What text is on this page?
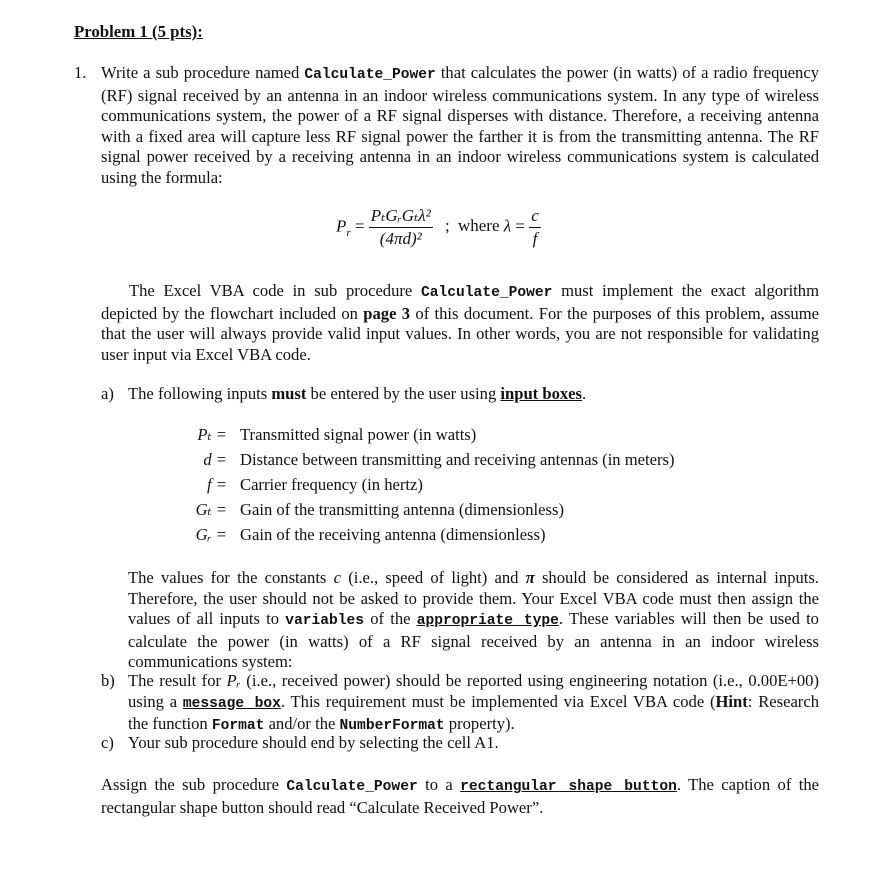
Problem 1 (5 pts):
1. Write a sub procedure named Calculate_Power that calculates the power (in watts) of a radio frequency (RF) signal received by an antenna in an indoor wireless communications system. In any type of wireless communications system, the power of a RF signal disperses with distance. Therefore, a receiving antenna with a fixed area will capture less RF signal power the farther it is from the transmitting antenna. The RF signal power received by a receiving antenna in an indoor wireless communications system is calculated using the formula:
$P_r = \frac{\text{PₜGᵣGₜλ²}}{\text{(4πd)²}}$ ; where $\lambda = \frac{c}{f}$
The Excel VBA code in sub procedure Calculate_Power must implement the exact algorithm depicted by the flowchart included on page 3 of this document. For the purposes of this problem, assume that the user will always provide valid input values. In other words, you are not responsible for validating user input via Excel VBA code.
a) The following inputs must be entered by the user using input boxes.
Pₜ = Transmitted signal power (in watts)
d = Distance between transmitting and receiving antennas (in meters)
f = Carrier frequency (in hertz)
Gₜ = Gain of the transmitting antenna (dimensionless)
Gᵣ = Gain of the receiving antenna (dimensionless)
The values for the constants c (i.e., speed of light) and π should be considered as internal inputs. Therefore, the user should not be asked to provide them. Your Excel VBA code must then assign the values of all inputs to variables of the appropriate type. These variables will then be used to calculate the power (in watts) of a RF signal received by an antenna in an indoor wireless communications system:
b) The result for Pᵣ (i.e., received power) should be reported using engineering notation (i.e., 0.00E+00) using a message box. This requirement must be implemented via Excel VBA code (Hint: Research the function Format and/or the NumberFormat property).
c) Your sub procedure should end by selecting the cell A1.
Assign the sub procedure Calculate_Power to a rectangular shape button. The caption of the rectangular shape button should read “Calculate Received Power”.
